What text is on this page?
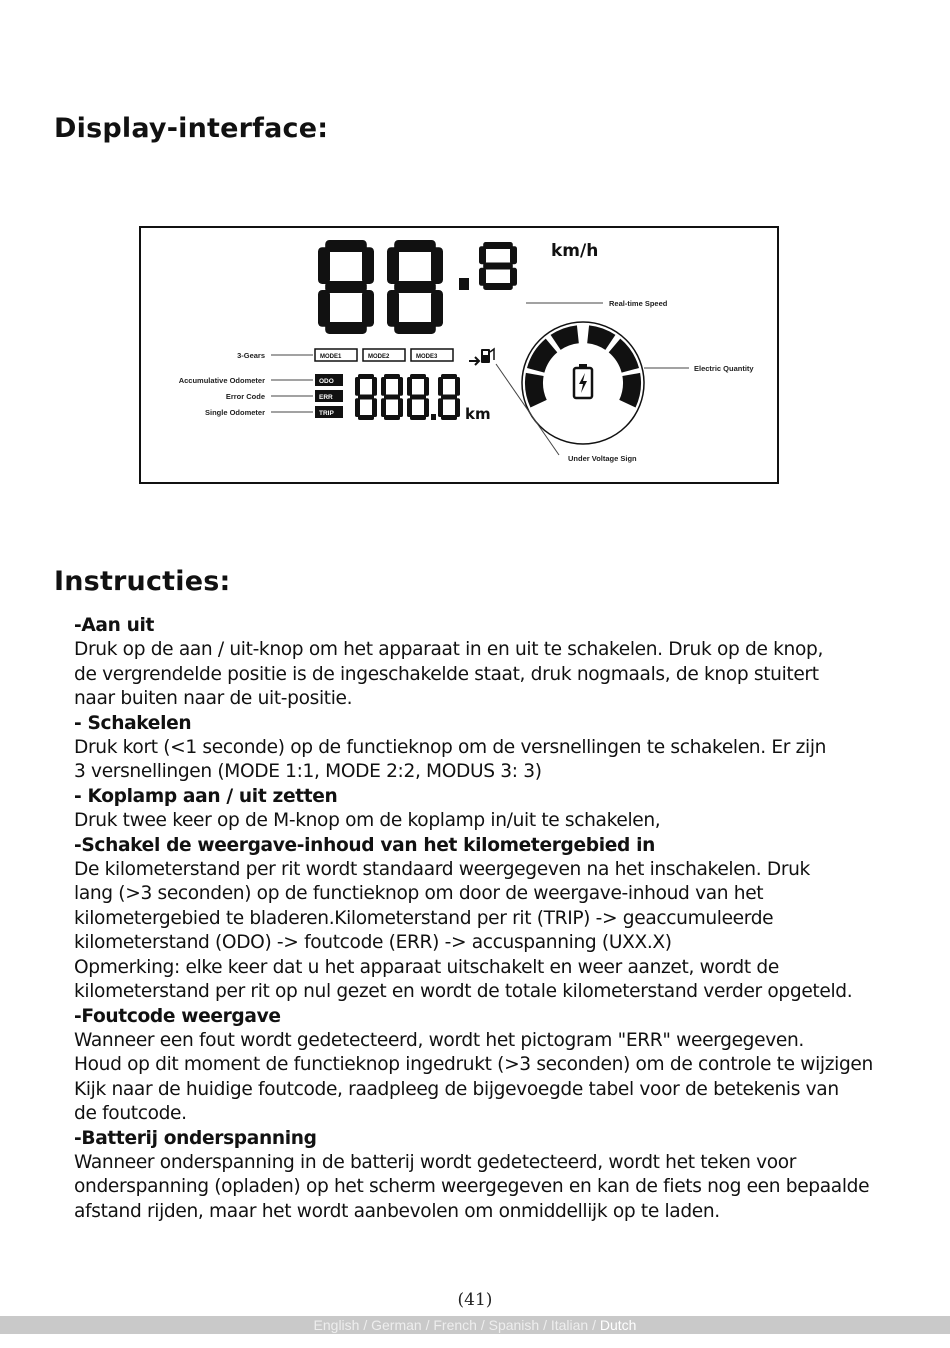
Display-interface:
km/h
km
MODE1	MODE2	MODE3
ODO
ERR
TRIP
3-Gears
Accumulative Odometer
Error Code
Single Odometer
Real-time Speed
Electric Quantity
Under Voltage Sign
Instructies:
-Aan uit
Druk op de aan / uit-knop om het apparaat in en uit te schakelen. Druk op de knop,
de vergrendelde positie is de ingeschakelde staat, druk nogmaals, de knop stuitert
naar buiten naar de uit-positie.
- Schakelen
Druk kort (<1 seconde) op de functieknop om de versnellingen te schakelen. Er zijn
3 versnellingen (MODE 1:1, MODE 2:2, MODUS 3: 3)
- Koplamp aan / uit zetten
Druk twee keer op de M-knop om de koplamp in/uit te schakelen,
-Schakel de weergave-inhoud van het kilometergebied in
De kilometerstand per rit wordt standaard weergegeven na het inschakelen. Druk
lang (>3 seconden) op de functieknop om door de weergave-inhoud van het
kilometergebied te bladeren.Kilometerstand per rit (TRIP) -> geaccumuleerde
kilometerstand (ODO) -> foutcode (ERR) -> accuspanning (UXX.X)
Opmerking: elke keer dat u het apparaat uitschakelt en weer aanzet, wordt de
kilometerstand per rit op nul gezet en wordt de totale kilometerstand verder opgeteld.
-Foutcode weergave
Wanneer een fout wordt gedetecteerd, wordt het pictogram "ERR" weergegeven.
Houd op dit moment de functieknop ingedrukt (>3 seconden) om de controle te wijzigen
Kijk naar de huidige foutcode, raadpleeg de bijgevoegde tabel voor de betekenis van
de foutcode.
-Batterij onderspanning
Wanneer onderspanning in de batterij wordt gedetecteerd, wordt het teken voor
onderspanning (opladen) op het scherm weergegeven en kan de fiets nog een bepaalde
afstand rijden, maar het wordt aanbevolen om onmiddellijk op te laden.
(41)
English / German / French / Spanish / Italian / Dutch
